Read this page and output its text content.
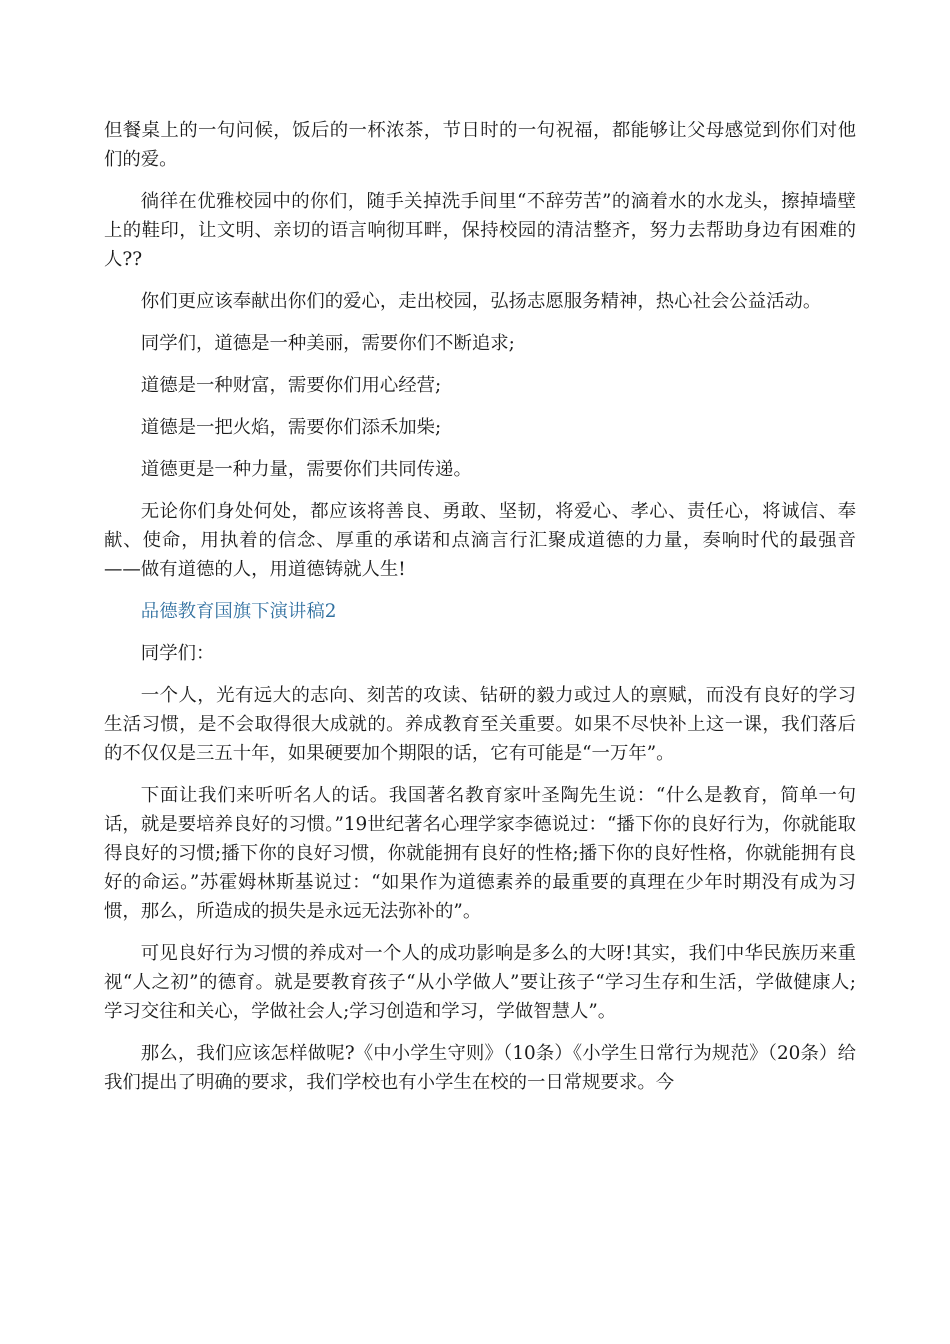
但餐桌上的一句问候，饭后的一杯浓茶，节日时的一句祝福，都能够让父母感觉到你们对他们的爱。

徜徉在优雅校园中的你们，随手关掉洗手间里“不辞劳苦”的滴着水的水龙头，擦掉墙壁上的鞋印，让文明、亲切的语言响彻耳畔，保持校园的清洁整齐，努力去帮助身边有困难的人??

你们更应该奉献出你们的爱心，走出校园，弘扬志愿服务精神，热心社会公益活动。

同学们，道德是一种美丽，需要你们不断追求;

道德是一种财富，需要你们用心经营;

道德是一把火焰，需要你们添禾加柴;

道德更是一种力量，需要你们共同传递。

无论你们身处何处，都应该将善良、勇敢、坚韧，将爱心、孝心、责任心，将诚信、奉献、使命，用执着的信念、厚重的承诺和点滴言行汇聚成道德的力量，奏响时代的最强音——做有道德的人，用道德铸就人生!

品德教育国旗下演讲稿2

同学们：

一个人，光有远大的志向、刻苦的攻读、钻研的毅力或过人的禀赋，而没有良好的学习生活习惯，是不会取得很大成就的。养成教育至关重要。如果不尽快补上这一课，我们落后的不仅仅是三五十年，如果硬要加个期限的话，它有可能是“一万年”。

下面让我们来听听名人的话。我国著名教育家叶圣陶先生说：“什么是教育，简单一句话，就是要培养良好的习惯。”19世纪著名心理学家李德说过：“播下你的良好行为，你就能取得良好的习惯;播下你的良好习惯，你就能拥有良好的性格;播下你的良好性格，你就能拥有良好的命运。”苏霍姆林斯基说过：“如果作为道德素养的最重要的真理在少年时期没有成为习惯，那么，所造成的损失是永远无法弥补的”。

可见良好行为习惯的养成对一个人的成功影响是多么的大呀!其实，我们中华民族历来重视“人之初”的德育。就是要教育孩子“从小学做人”要让孩子“学习生存和生活，学做健康人;学习交往和关心，学做社会人;学习创造和学习，学做智慧人”。

那么，我们应该怎样做呢?《中小学生守则》（10条）《小学生日常行为规范》（20条）给我们提出了明确的要求，我们学校也有小学生在校的一日常规要求。今
